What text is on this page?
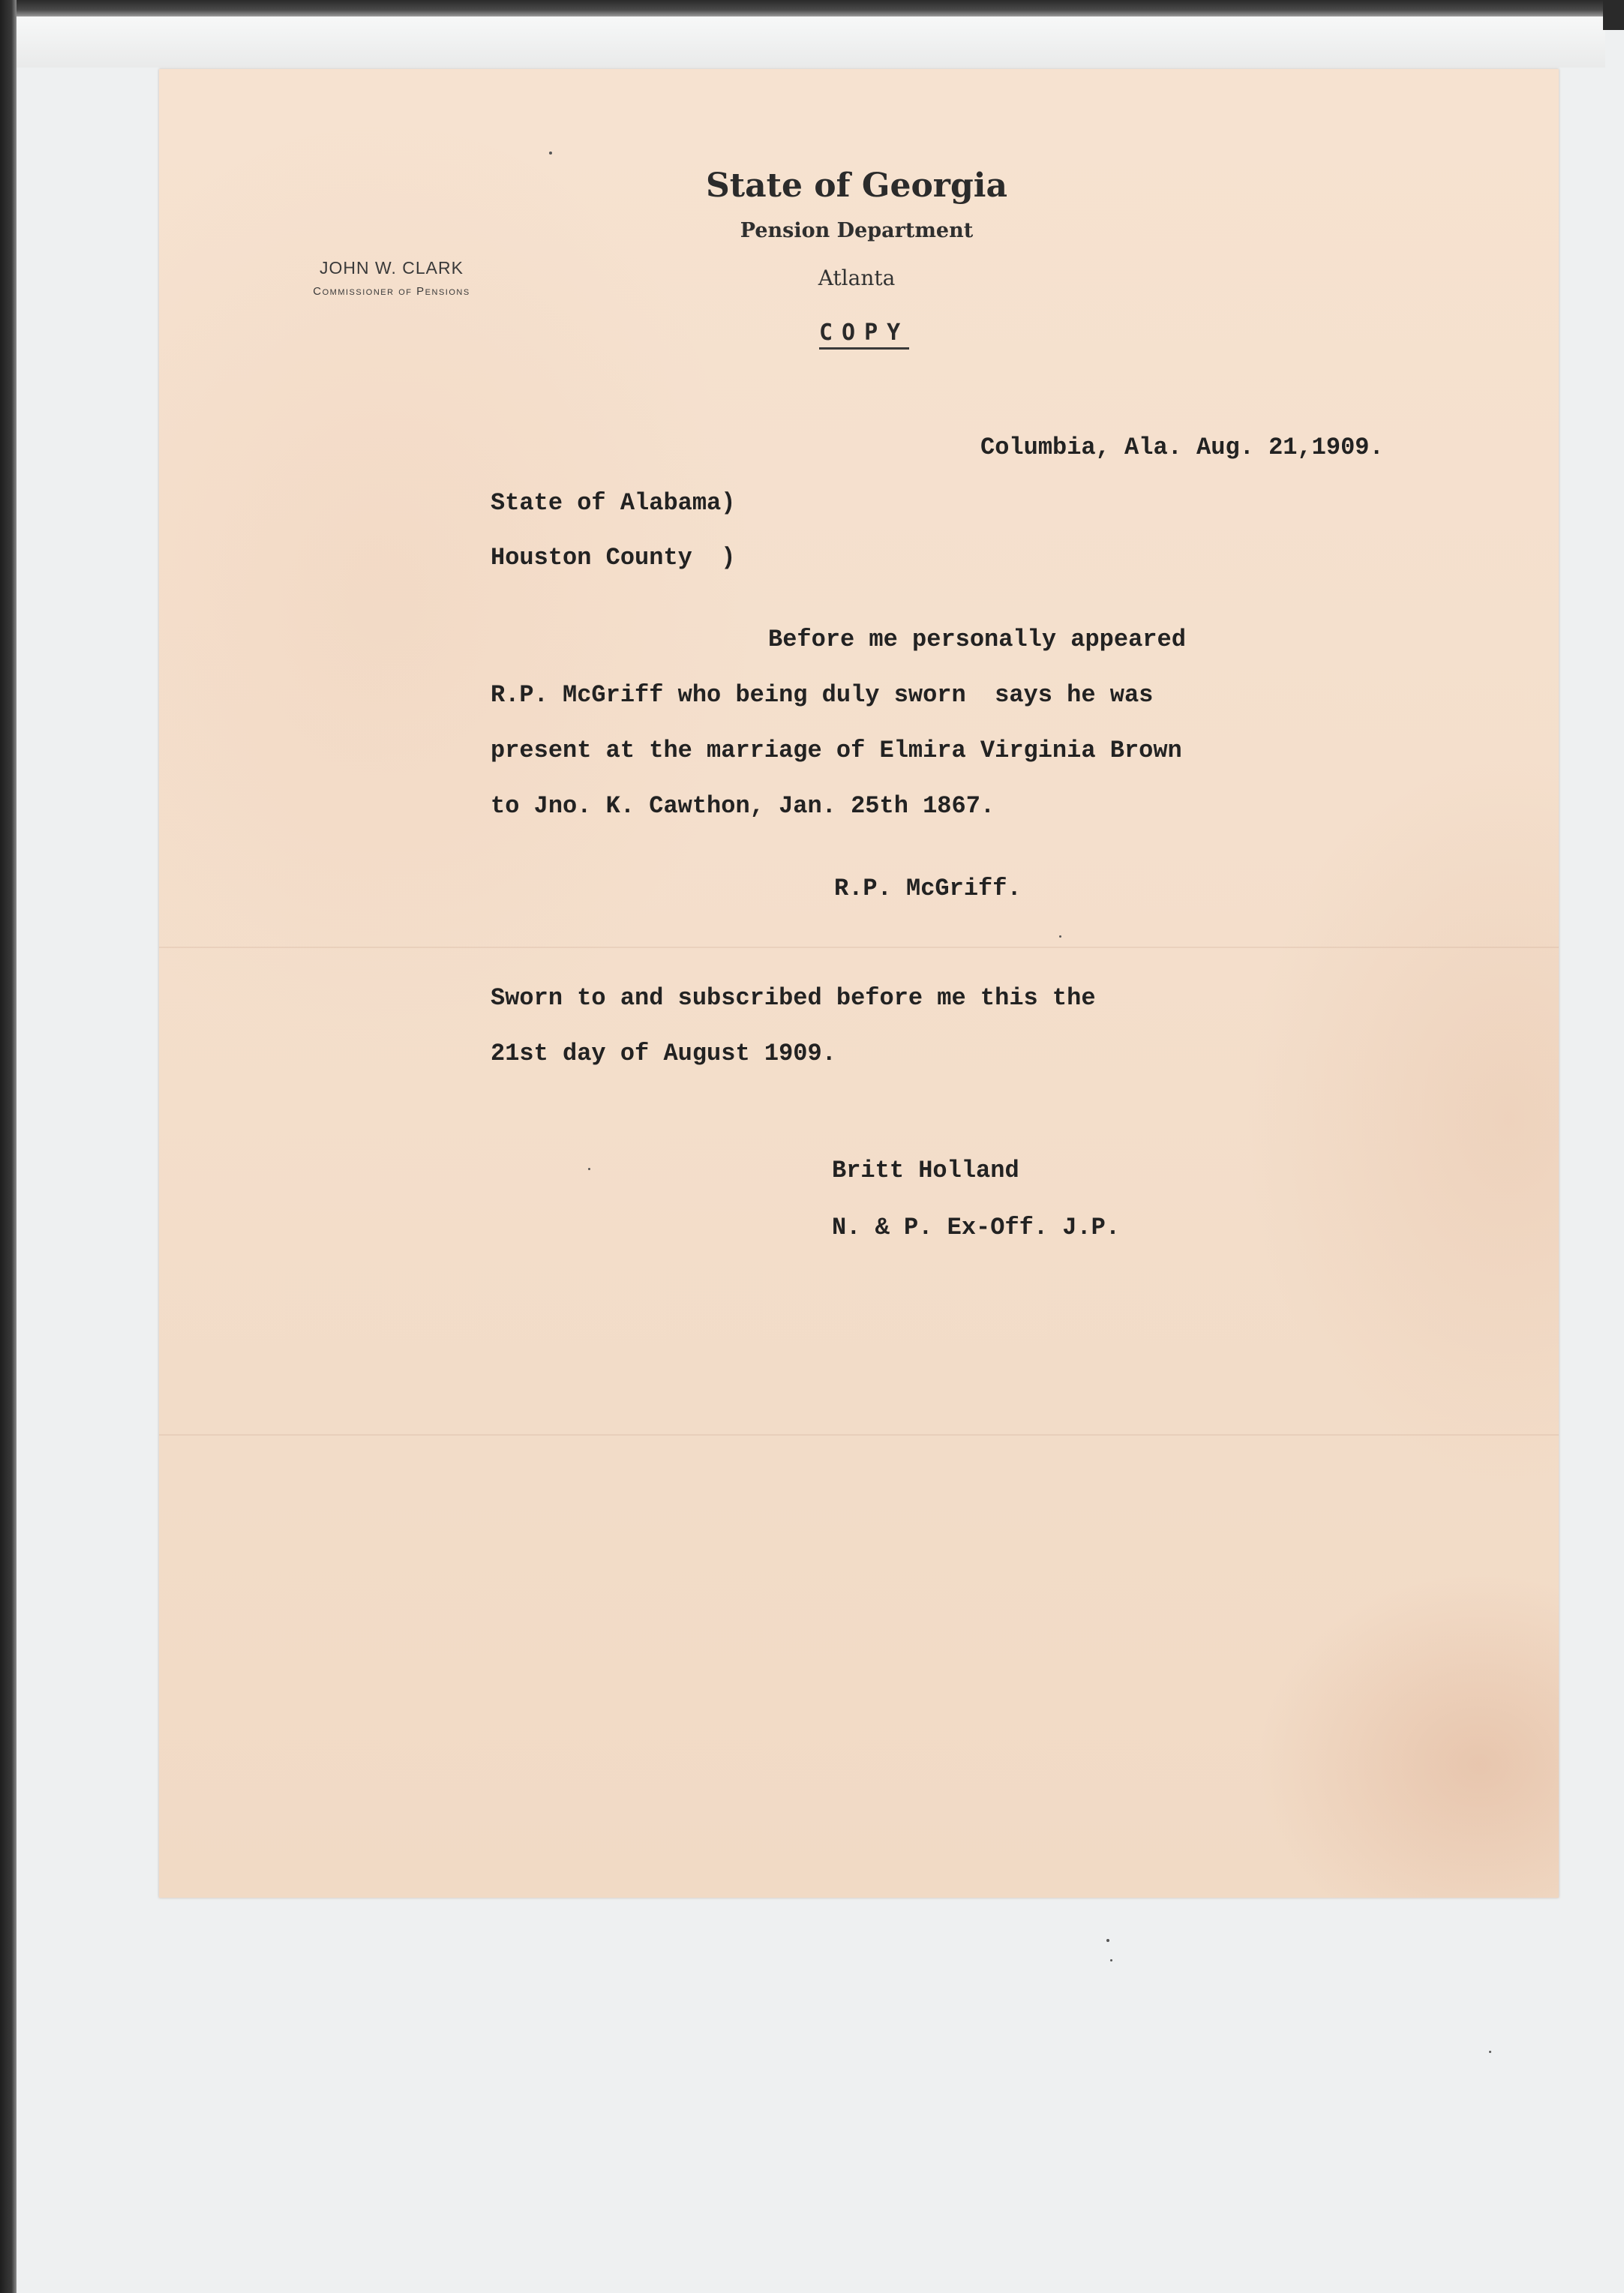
JOHN W. CLARK
Commissioner of Pensions
State of Georgia
Pension Department
Atlanta
COPY
Columbia, Ala. Aug. 21,1909.
State of Alabama)
Houston County  )
Before me personally appeared
R.P. McGriff who being duly sworn  says he was
present at the marriage of Elmira Virginia Brown
to Jno. K. Cawthon, Jan. 25th 1867.
R.P. McGriff.
Sworn to and subscribed before me this the
21st day of August 1909.
Britt Holland
N. & P. Ex-Off. J.P.
